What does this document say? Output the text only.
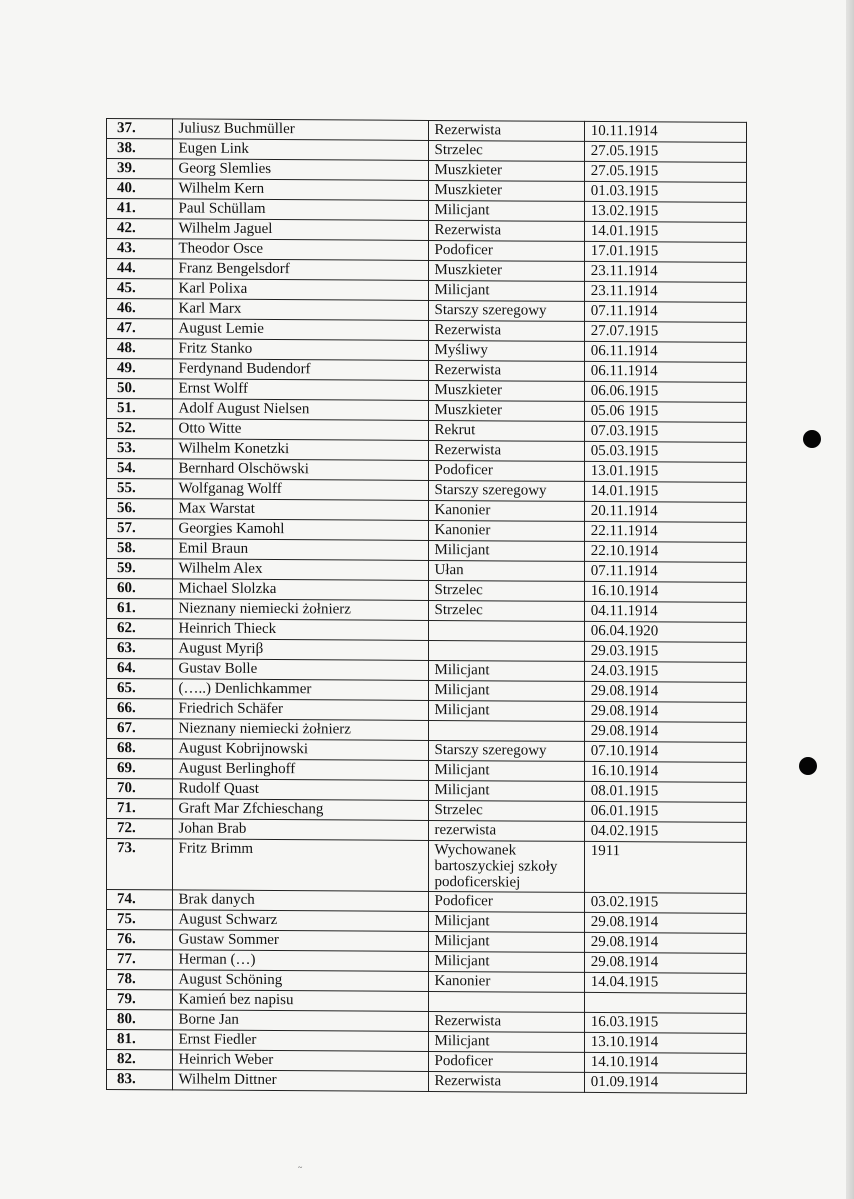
37.	Juliusz Buchmüller	Rezerwista	10.11.1914
38.	Eugen Link	Strzelec	27.05.1915
39.	Georg Slemlies	Muszkieter	27.05.1915
40.	Wilhelm Kern	Muszkieter	01.03.1915
41.	Paul Schüllam	Milicjant	13.02.1915
42.	Wilhelm Jaguel	Rezerwista	14.01.1915
43.	Theodor Osce	Podoficer	17.01.1915
44.	Franz Bengelsdorf	Muszkieter	23.11.1914
45.	Karl Polixa	Milicjant	23.11.1914
46.	Karl Marx	Starszy szeregowy	07.11.1914
47.	August Lemie	Rezerwista	27.07.1915
48.	Fritz Stanko	Myśliwy	06.11.1914
49.	Ferdynand Budendorf	Rezerwista	06.11.1914
50.	Ernst Wolff	Muszkieter	06.06.1915
51.	Adolf August Nielsen	Muszkieter	05.06 1915
52.	Otto Witte	Rekrut	07.03.1915
53.	Wilhelm Konetzki	Rezerwista	05.03.1915
54.	Bernhard Olschöwski	Podoficer	13.01.1915
55.	Wolfganag Wolff	Starszy szeregowy	14.01.1915
56.	Max Warstat	Kanonier	20.11.1914
57.	Georgies Kamohl	Kanonier	22.11.1914
58.	Emil Braun	Milicjant	22.10.1914
59.	Wilhelm Alex	Ułan	07.11.1914
60.	Michael Slolzka	Strzelec	16.10.1914
61.	Nieznany niemiecki żołnierz	Strzelec	04.11.1914
62.	Heinrich Thieck		06.04.1920
63.	August Myriβ		29.03.1915
64.	Gustav Bolle	Milicjant	24.03.1915
65.	(…..) Denlichkammer	Milicjant	29.08.1914
66.	Friedrich Schäfer	Milicjant	29.08.1914
67.	Nieznany niemiecki żołnierz		29.08.1914
68.	August Kobrijnowski	Starszy szeregowy	07.10.1914
69.	August Berlinghoff	Milicjant	16.10.1914
70.	Rudolf Quast	Milicjant	08.01.1915
71.	Graft Mar Zfchieschang	Strzelec	06.01.1915
72.	Johan Brab	rezerwista	04.02.1915
73.	Fritz Brimm	Wychowanek
bartoszyckiej szkoły
podoficerskiej	1911
74.	Brak danych	Podoficer	03.02.1915
75.	August Schwarz	Milicjant	29.08.1914
76.	Gustaw Sommer	Milicjant	29.08.1914
77.	Herman (…)	Milicjant	29.08.1914
78.	August Schöning	Kanonier	14.04.1915
79.	Kamień bez napisu		
80.	Borne Jan	Rezerwista	16.03.1915
81.	Ernst Fiedler	Milicjant	13.10.1914
82.	Heinrich Weber	Podoficer	14.10.1914
83.	Wilhelm Dittner	Rezerwista	01.09.1914
~
